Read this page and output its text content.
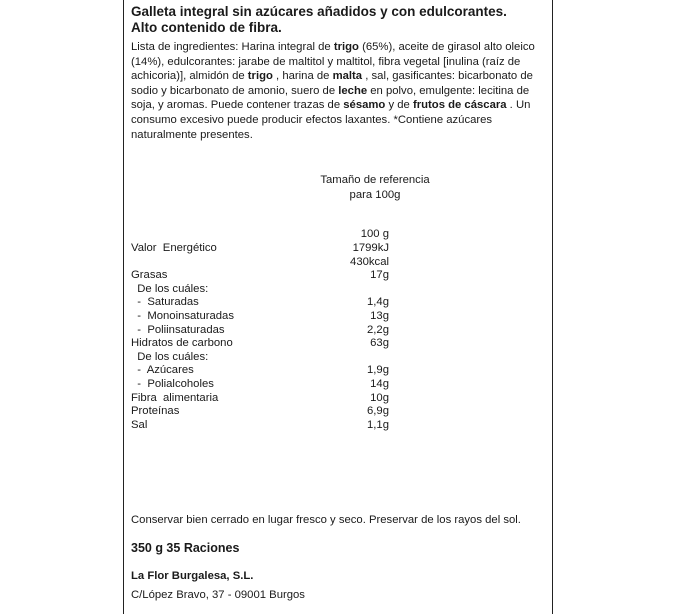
Galleta integral sin azúcares añadidos y con edulcorantes.
Alto contenido de fibra.
Lista de ingredientes: Harina integral de trigo (65%), aceite de girasol alto oleico (14%), edulcorantes: jarabe de maltitol y maltitol, fibra vegetal [inulina (raíz de achicoria)], almidón de trigo , harina de malta , sal, gasificantes: bicarbonato de sodio y bicarbonato de amonio, suero de leche en polvo, emulgente: lecitina de soja, y aromas. Puede contener trazas de sésamo y de frutos de cáscara . Un consumo excesivo puede producir efectos laxantes. *Contiene azúcares naturalmente presentes.
Tamaño de referencia
para 100g
100 g
Valor  Energético	1799kJ
430kcal
Grasas	17g
De los cuáles:
-  Saturadas	1,4g
-  Monoinsaturadas	13g
-  Poliinsaturadas	2,2g
Hidratos de carbono	63g
De los cuáles:
-  Azúcares	1,9g
-  Polialcoholes	14g
Fibra  alimentaria	10g
Proteínas	6,9g
Sal	1,1g
Conservar bien cerrado en lugar fresco y seco. Preservar de los rayos del sol.
350 g 35 Raciones
La Flor Burgalesa, S.L.
C/López Bravo, 37 - 09001 Burgos
